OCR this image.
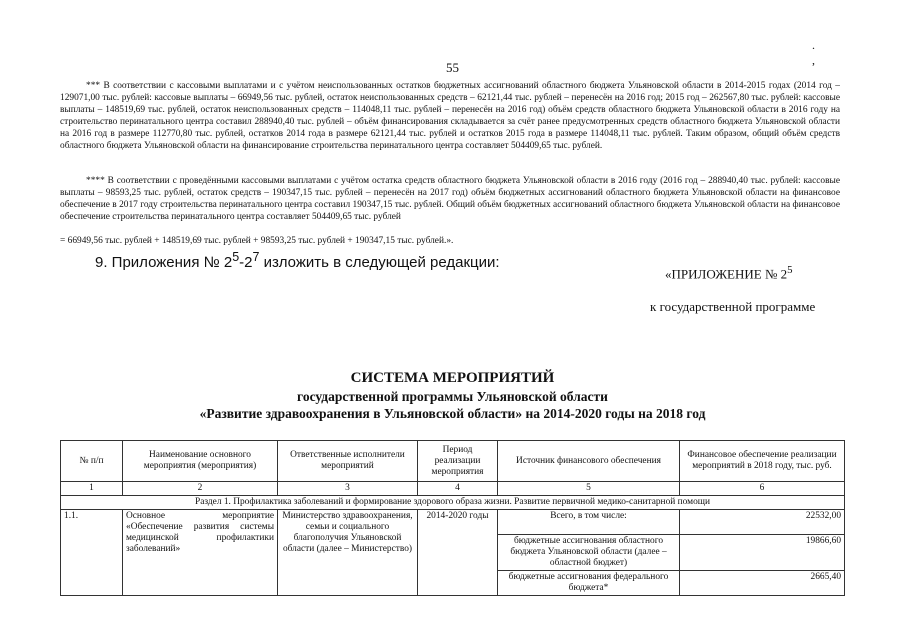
55
. ,

*** В соответствии с кассовыми выплатами и с учётом неиспользованных остатков бюджетных ассигнований областного бюджета Ульяновской области в 2014-2015 годах (2014 год – 129071,00 тыс. рублей: кассовые выплаты – 66949,56 тыс. рублей, остаток неиспользованных средств – 62121,44 тыс. рублей – перенесён на 2016 год; 2015 год – 262567,80 тыс. рублей: кассовые выплаты – 148519,69 тыс. рублей, остаток неиспользованных средств – 114048,11 тыс. рублей – перенесён на 2016 год) объём средств областного бюджета Ульяновской области в 2016 году на строительство перинатального центра составил 288940,40 тыс. рублей – объём финансирования складывается за счёт ранее предусмотренных средств областного бюджета Ульяновской области на 2016 год в размере 112770,80 тыс. рублей, остатков 2014 года в размере 62121,44 тыс. рублей и остатков 2015 года в размере 114048,11 тыс. рублей. Таким образом, общий объём средств областного бюджета Ульяновской области на финансирование строительства перинатального центра составляет 504409,65 тыс. рублей.

**** В соответствии с проведёнными кассовыми выплатами с учётом остатка средств областного бюджета Ульяновской области в 2016 году (2016 год – 288940,40 тыс. рублей: кассовые выплаты – 98593,25 тыс. рублей, остаток средств – 190347,15 тыс. рублей – перенесён на 2017 год) объём бюджетных ассигнований областного бюджета Ульяновской области на финансовое обеспечение в 2017 году строительства перинатального центра составил 190347,15 тыс. рублей. Общий объём бюджетных ассигнований областного бюджета Ульяновской области на финансовое обеспечение строительства перинатального центра составляет 504409,65 тыс. рублей

= 66949,56 тыс. рублей + 148519,69 тыс. рублей + 98593,25 тыс. рублей + 190347,15 тыс. рублей.».
9. Приложения № $2^5-2^7$ изложить в следующей редакции:
«ПРИЛОЖЕНИЕ № $2^5$
к государственной программе
СИСТЕМА МЕРОПРИЯТИЙ
государственной программы Ульяновской области
«Развитие здравоохранения в Ульяновской области» на 2014-2020 годы на 2018 год
№ п/п	Наименование основного мероприятия (мероприятия)	Ответственные исполнители мероприятий	Период реализации мероприятия	Источник финансового обеспечения	Финансовое обеспечение реализации мероприятий в 2018 году, тыс. руб.
1	2	3	4	5	6
Раздел 1. Профилактика заболеваний и формирование здорового образа жизни. Развитие первичной медико-санитарной помощи					
1.1.	Основное мероприятие «Обеспечение развития системы медицинской профилактики заболеваний»	Министерство здравоохранения, семьи и социального благополучия Ульяновской области (далее – Министерство)	2014-2020 годы	Всего, в том числе:	22532,00
				бюджетные ассигнования областного бюджета Ульяновской области (далее – областной бюджет)	19866,60
				бюджетные ассигнования федерального бюджета*	2665,40
